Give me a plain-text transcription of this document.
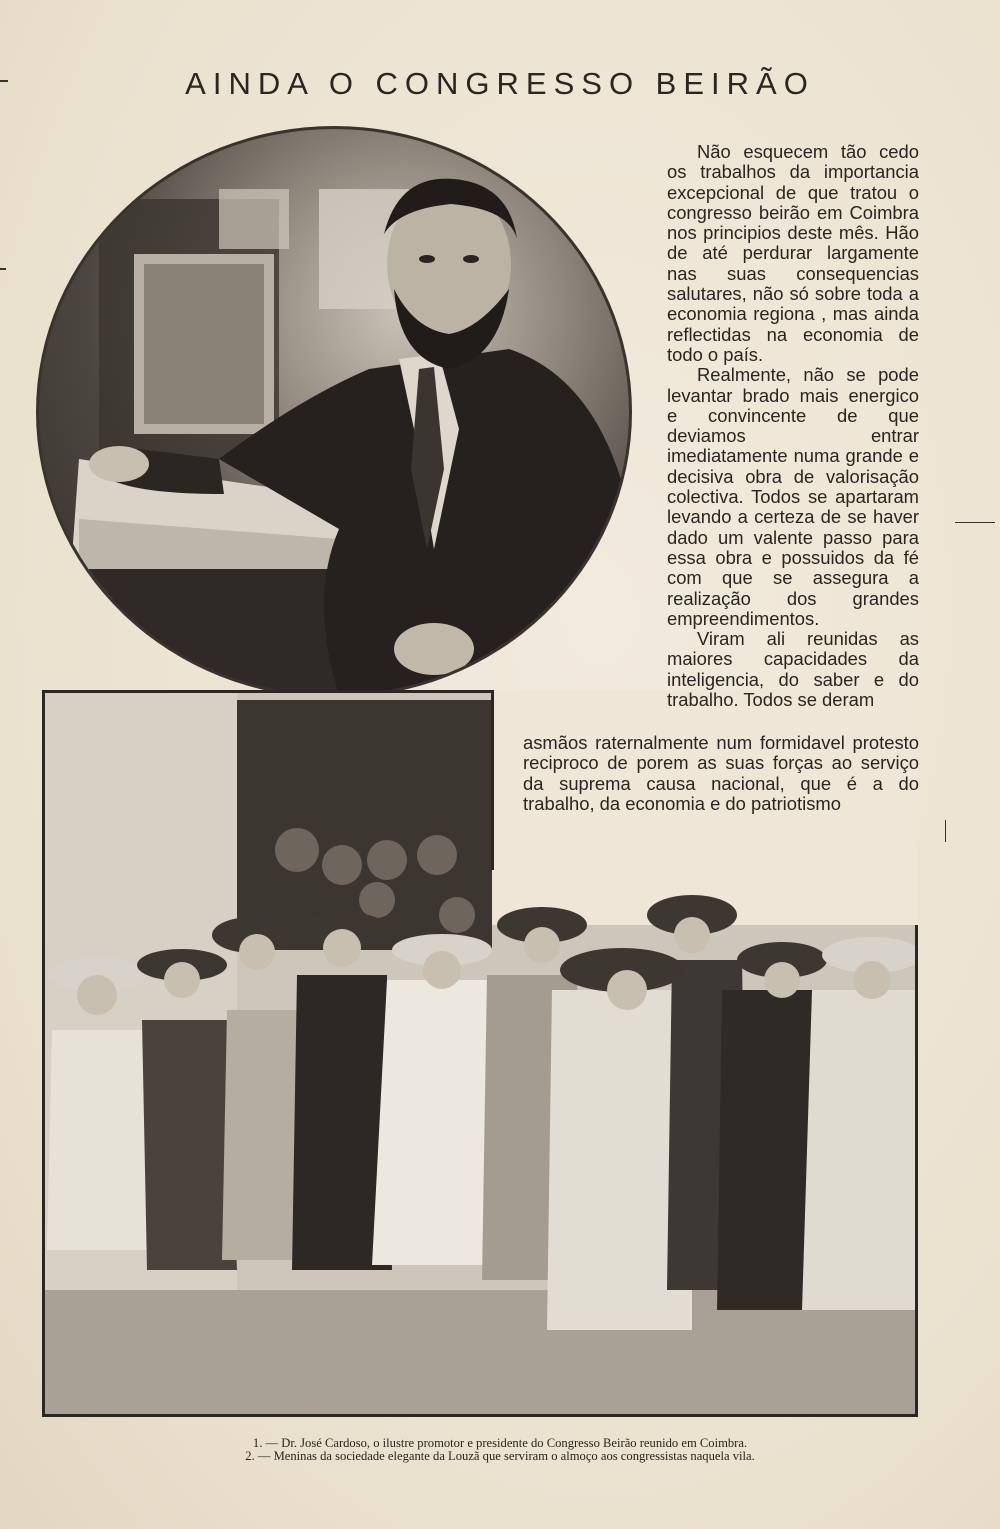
AINDA O CONGRESSO BEIRÃO

Não esquecem tão cedo os trabalhos da importancia excepcional de que tratou o congresso beirão em Coimbra nos principios deste mês. Hão de até perdurar largamente nas suas consequencias salutares, não só sobre toda a economia regiona , mas ainda reflectidas na economia de todo o país.

Realmente, não se pode levantar brado mais energico e convincente de que deviamos entrar imediatamente numa grande e decisiva obra de valorisação colectiva. Todos se apartaram levando a certeza de se haver dado um valente passo para essa obra e possuidos da fé com que se assegura a realização dos grandes empreendimentos.

Viram ali reunidas as maiores capacidades da inteligencia, do saber e do trabalho. Todos se deram

asmãos raternalmente num formidavel protesto reciproco de porem as suas forças ao serviço da suprema causa nacional, que é a do trabalho, da economia e do patriotismo

1. — Dr. José Cardoso, o ilustre promotor e presidente do Congresso Beirão reunido em Coimbra.
2. — Meninas da sociedade elegante da Louzã que serviram o almoço aos congressistas naquela vila.
